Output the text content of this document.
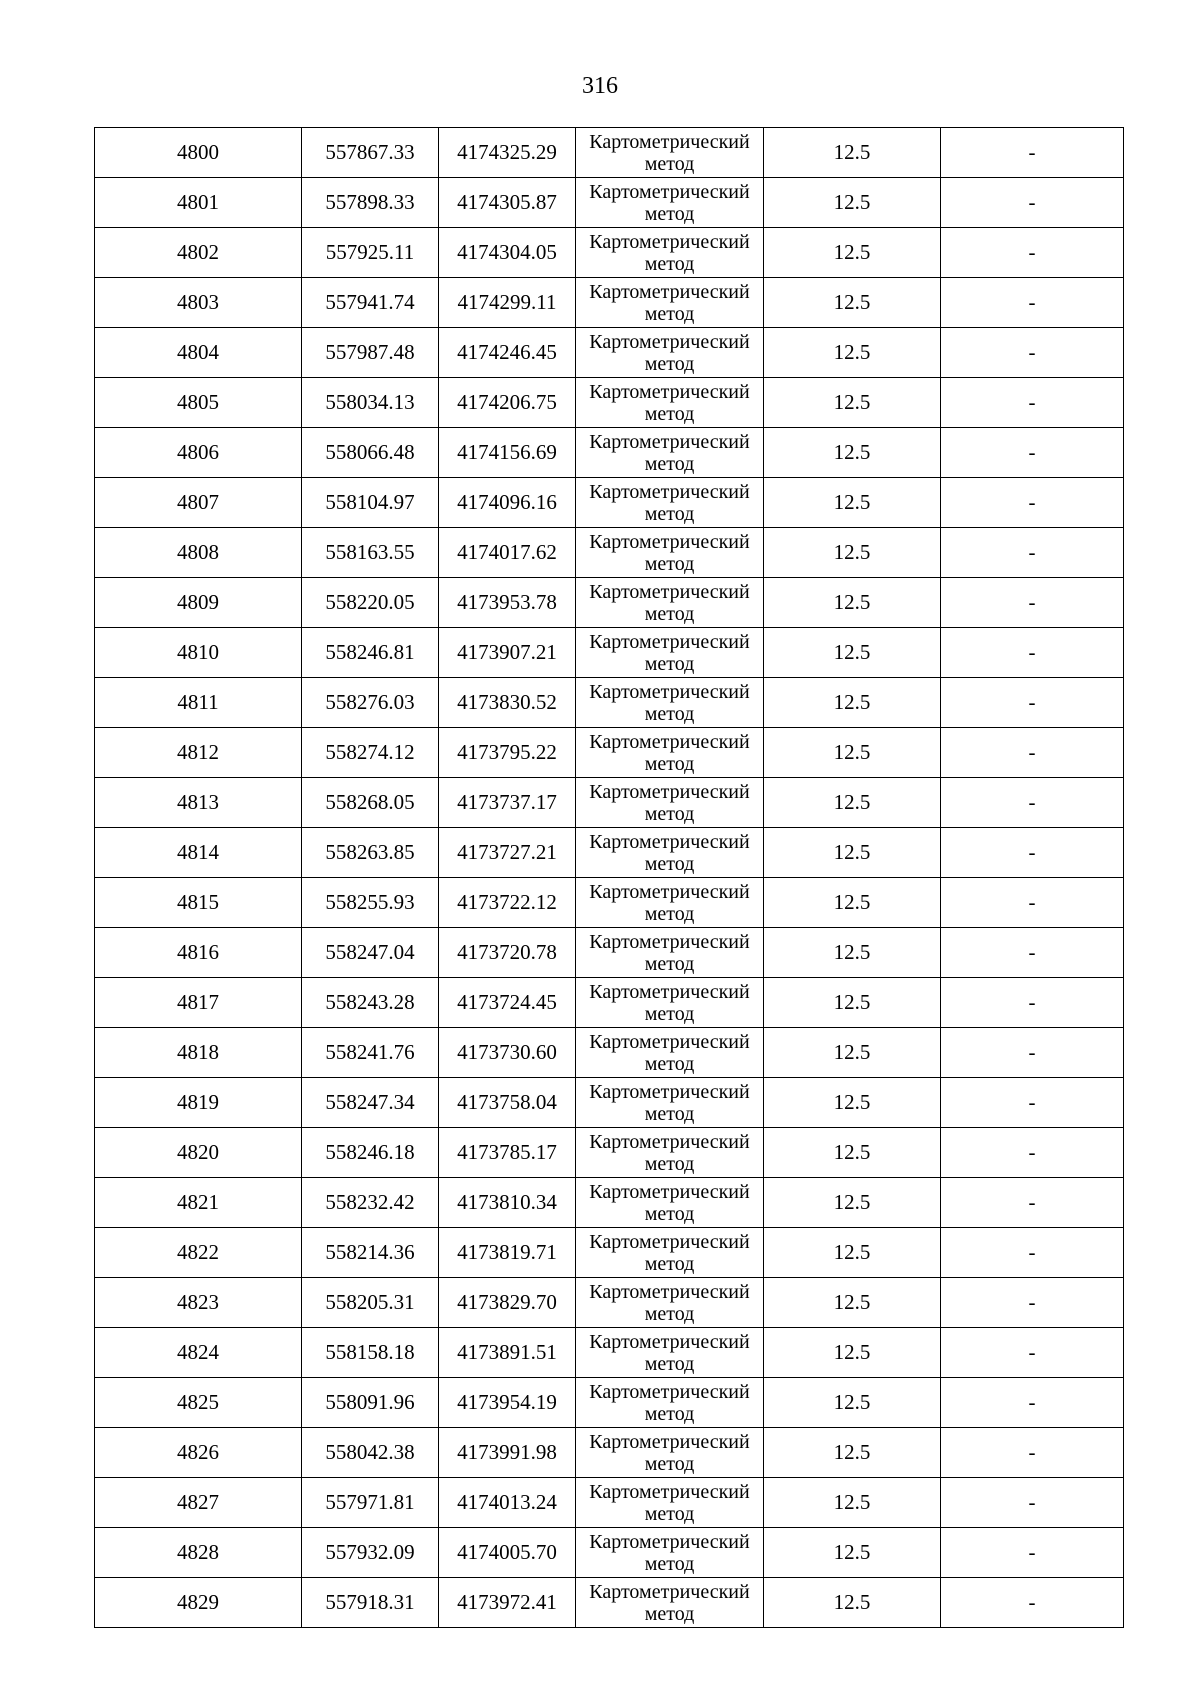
316
4800	557867.33	4174325.29	Картометрический
метод	12.5	-
4801	557898.33	4174305.87	Картометрический
метод	12.5	-
4802	557925.11	4174304.05	Картометрический
метод	12.5	-
4803	557941.74	4174299.11	Картометрический
метод	12.5	-
4804	557987.48	4174246.45	Картометрический
метод	12.5	-
4805	558034.13	4174206.75	Картометрический
метод	12.5	-
4806	558066.48	4174156.69	Картометрический
метод	12.5	-
4807	558104.97	4174096.16	Картометрический
метод	12.5	-
4808	558163.55	4174017.62	Картометрический
метод	12.5	-
4809	558220.05	4173953.78	Картометрический
метод	12.5	-
4810	558246.81	4173907.21	Картометрический
метод	12.5	-
4811	558276.03	4173830.52	Картометрический
метод	12.5	-
4812	558274.12	4173795.22	Картометрический
метод	12.5	-
4813	558268.05	4173737.17	Картометрический
метод	12.5	-
4814	558263.85	4173727.21	Картометрический
метод	12.5	-
4815	558255.93	4173722.12	Картометрический
метод	12.5	-
4816	558247.04	4173720.78	Картометрический
метод	12.5	-
4817	558243.28	4173724.45	Картометрический
метод	12.5	-
4818	558241.76	4173730.60	Картометрический
метод	12.5	-
4819	558247.34	4173758.04	Картометрический
метод	12.5	-
4820	558246.18	4173785.17	Картометрический
метод	12.5	-
4821	558232.42	4173810.34	Картометрический
метод	12.5	-
4822	558214.36	4173819.71	Картометрический
метод	12.5	-
4823	558205.31	4173829.70	Картометрический
метод	12.5	-
4824	558158.18	4173891.51	Картометрический
метод	12.5	-
4825	558091.96	4173954.19	Картометрический
метод	12.5	-
4826	558042.38	4173991.98	Картометрический
метод	12.5	-
4827	557971.81	4174013.24	Картометрический
метод	12.5	-
4828	557932.09	4174005.70	Картометрический
метод	12.5	-
4829	557918.31	4173972.41	Картометрический
метод	12.5	-
